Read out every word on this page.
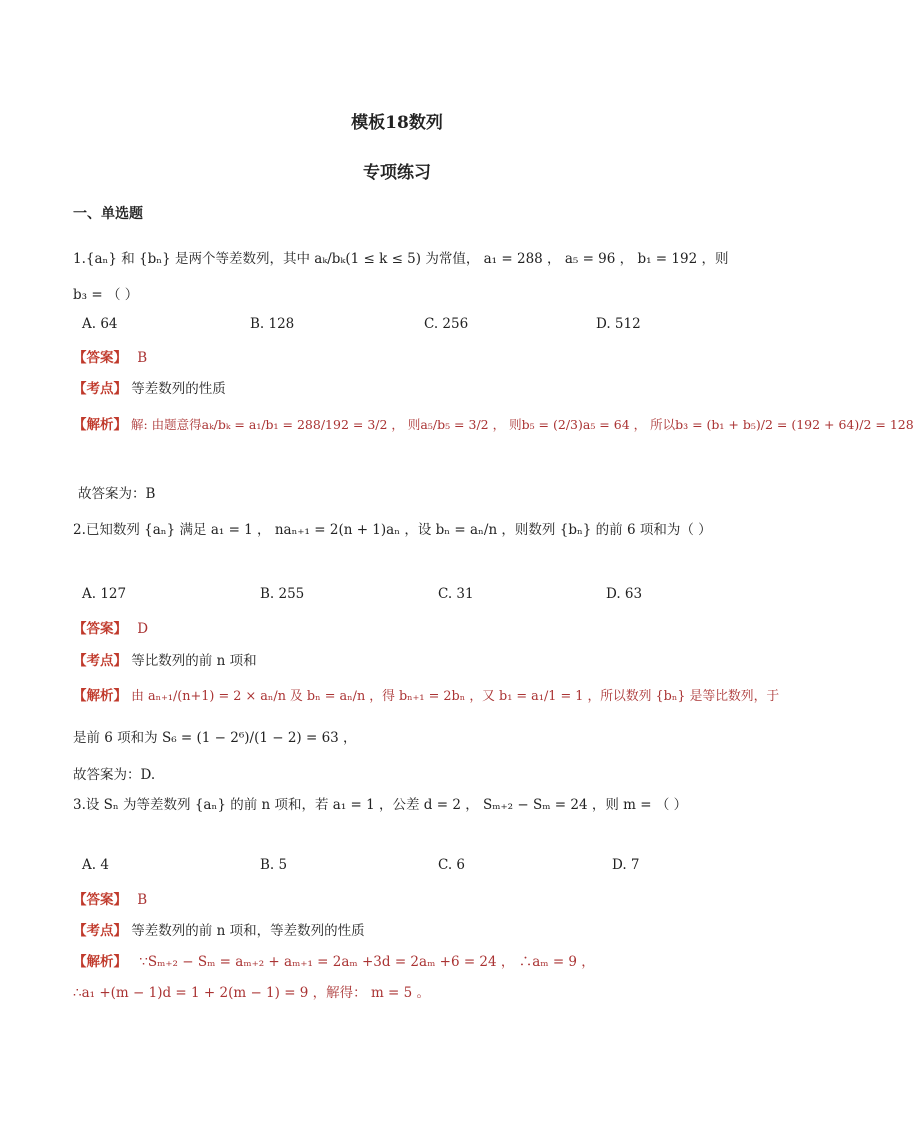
模板18数列
专项练习
一、单选题
1.{aₙ} 和 {bₙ} 是两个等差数列，其中 aₖ/bₖ(1 ≤ k ≤ 5) 为常值， a₁ = 288 ， a₅ = 96 ， b₁ = 192 ，则
b₃ = （ ）
A. 64	B. 128	C. 256	D. 512
【答案】 B
【考点】 等差数列的性质
【解析】 解: 由题意得aₖ/bₖ = a₁/b₁ = 288/192 = 3/2 ， 则a₅/b₅ = 3/2 ， 则b₅ = (2/3)a₅ = 64 ， 所以b₃ = (b₁ + b₅)/2 = (192 + 64)/2 = 128
故答案为：B
2.已知数列 {aₙ} 满足 a₁ = 1 ， naₙ₊₁ = 2(n + 1)aₙ ，设 bₙ = aₙ/n ，则数列 {bₙ} 的前 6 项和为（ ）
A. 127	B. 255	C. 31	D. 63
【答案】 D
【考点】 等比数列的前 n 项和
【解析】 由 aₙ₊₁/(n+1) = 2 × aₙ/n 及 bₙ = aₙ/n ，得 bₙ₊₁ = 2bₙ ，又 b₁ = a₁/1 = 1 ，所以数列 {bₙ} 是等比数列，于
是前 6 项和为 S₆ = (1 − 2⁶)/(1 − 2) = 63 ，
故答案为：D.
3.设 Sₙ 为等差数列 {aₙ} 的前 n 项和，若 a₁ = 1 ，公差 d = 2 ， Sₘ₊₂ − Sₘ = 24 ，则 m = （ ）
A. 4	B. 5	C. 6	D. 7
【答案】 B
【考点】 等差数列的前 n 项和，等差数列的性质
【解析】 ∵Sₘ₊₂ − Sₘ = aₘ₊₂ + aₘ₊₁ = 2aₘ +3d = 2aₘ +6 = 24 ， ∴aₘ = 9 ，
∴a₁ +(m − 1)d = 1 + 2(m − 1) = 9 ，解得： m = 5 。
